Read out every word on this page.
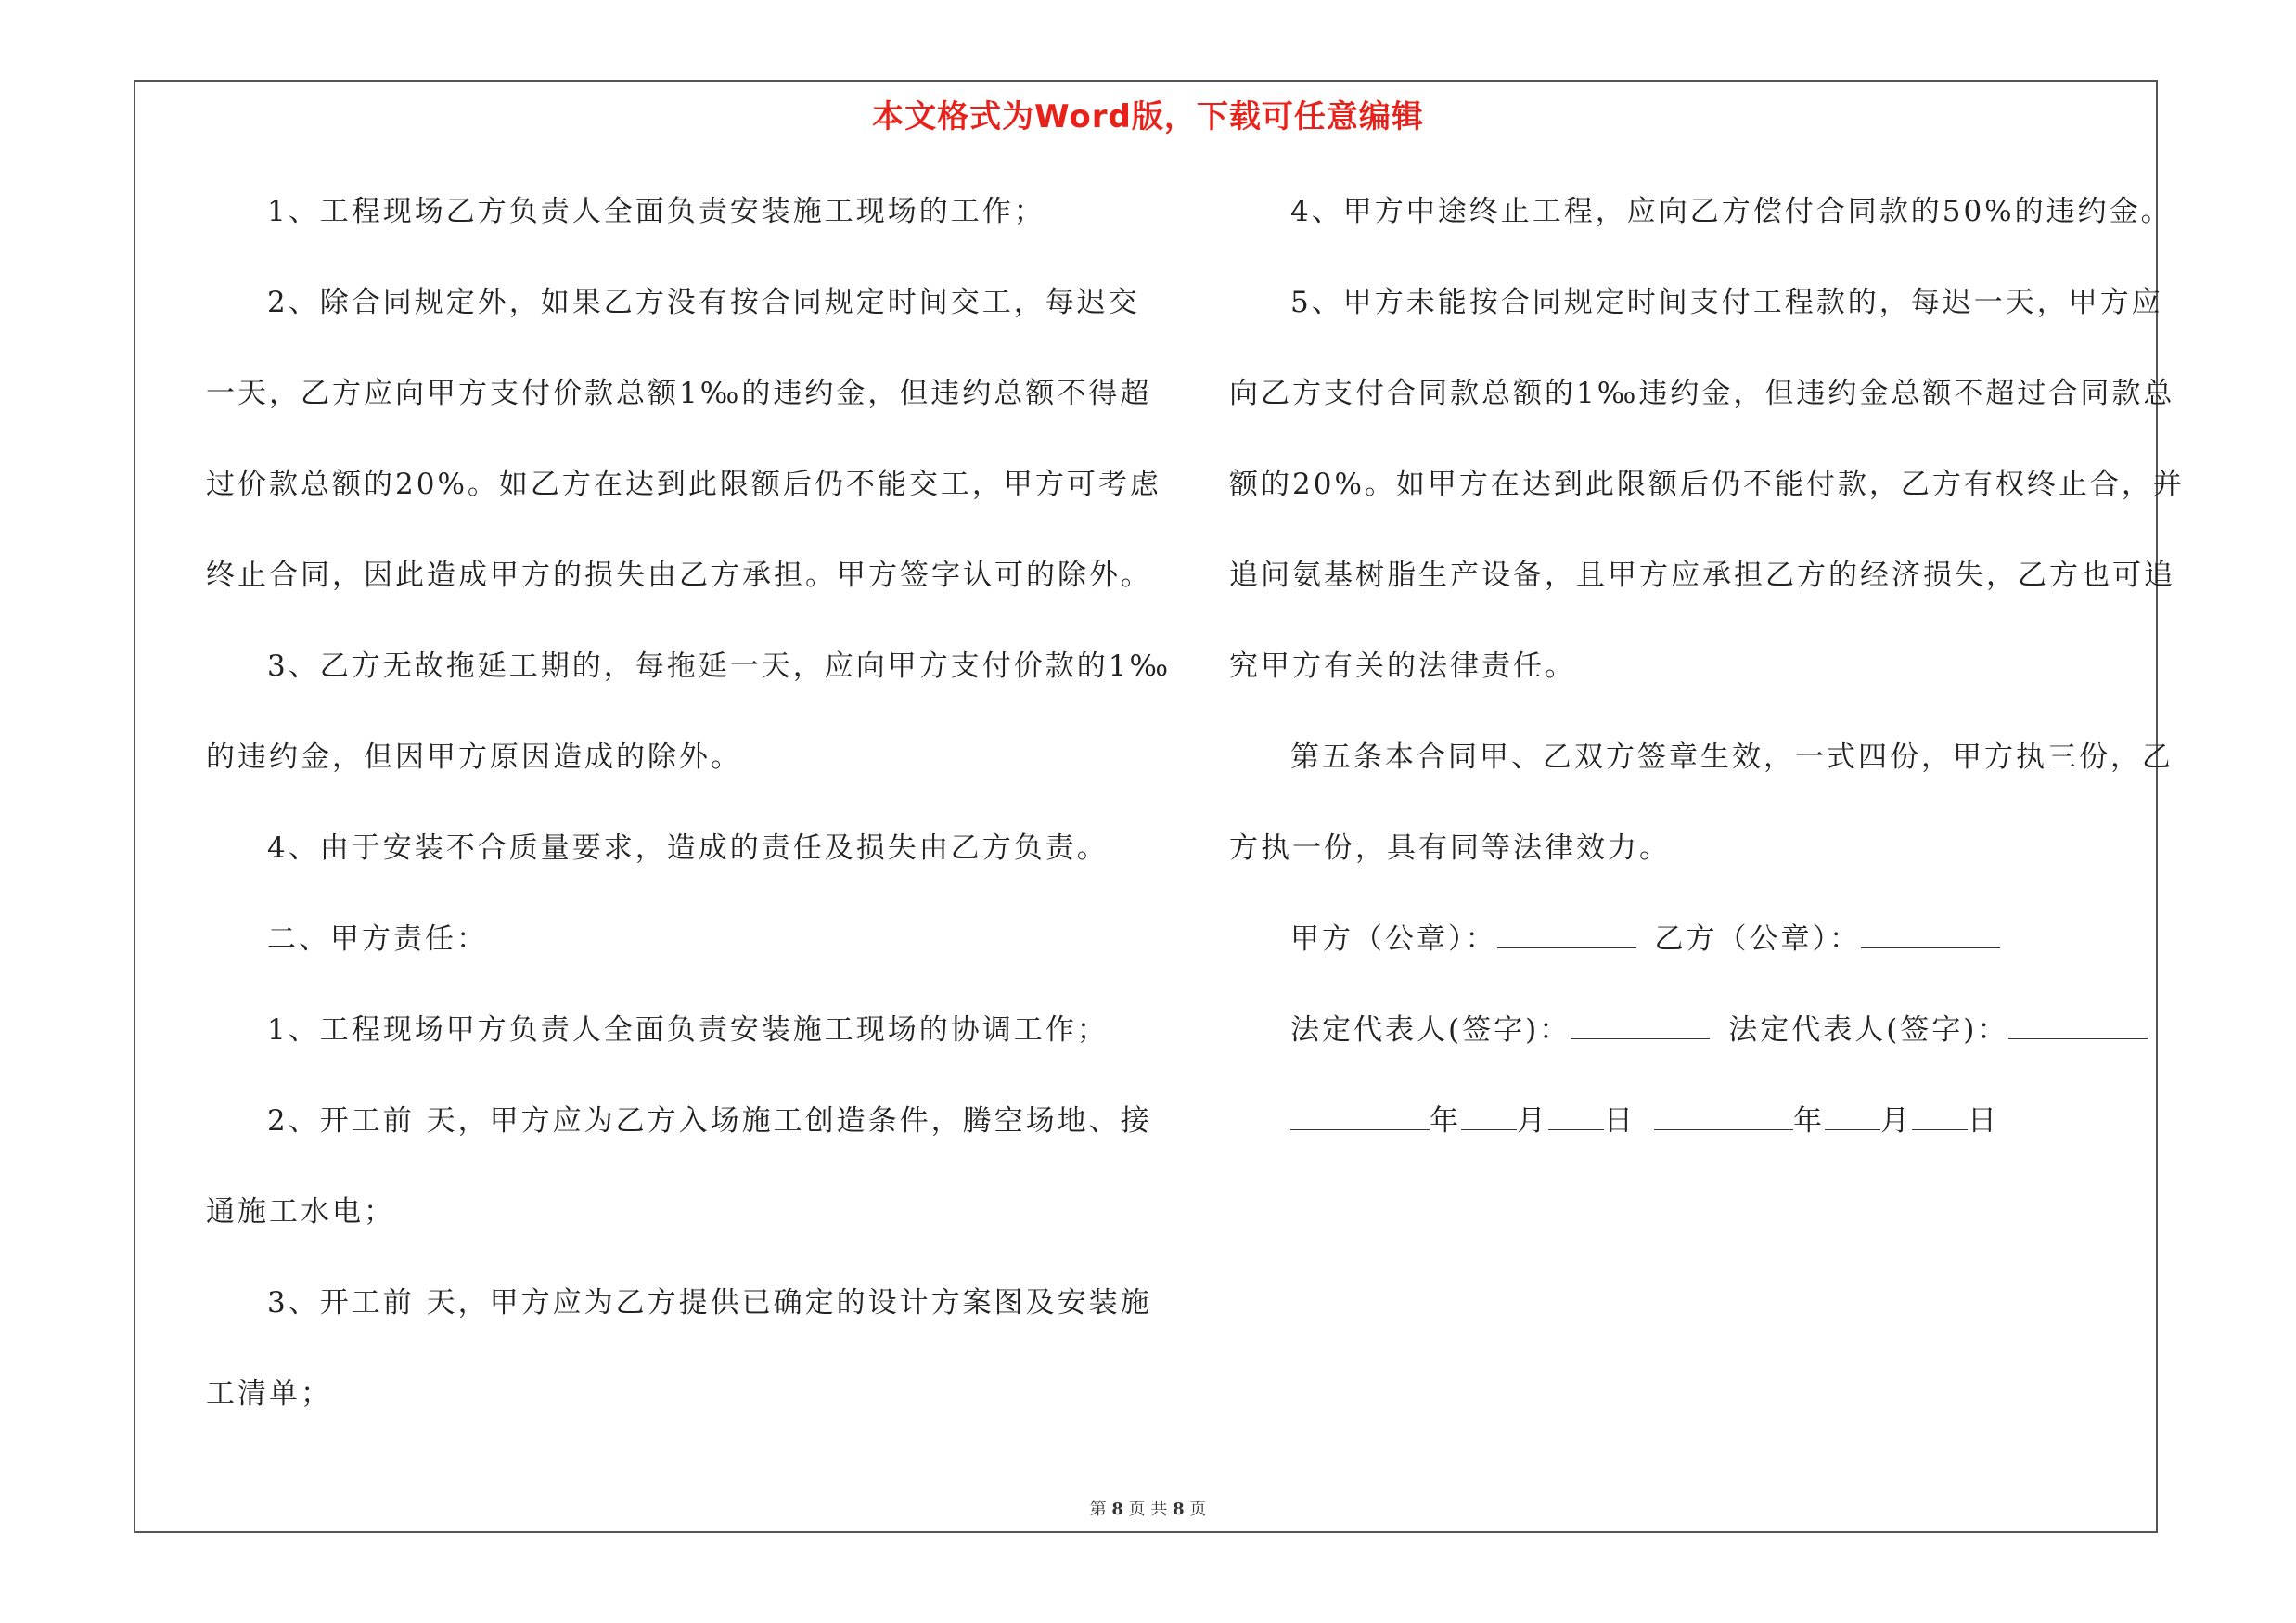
本文格式为Word版，下载可任意编辑
1、工程现场乙方负责人全面负责安装施工现场的工作；
2、除合同规定外，如果乙方没有按合同规定时间交工，每迟交
一天，乙方应向甲方支付价款总额1‰的违约金，但违约总额不得超
过价款总额的20%。如乙方在达到此限额后仍不能交工，甲方可考虑
终止合同，因此造成甲方的损失由乙方承担。甲方签字认可的除外。
3、乙方无故拖延工期的，每拖延一天，应向甲方支付价款的1‰
的违约金，但因甲方原因造成的除外。
4、由于安装不合质量要求，造成的责任及损失由乙方负责。
二、甲方责任：
1、工程现场甲方负责人全面负责安装施工现场的协调工作；
2、开工前 天，甲方应为乙方入场施工创造条件，腾空场地、接
通施工水电；
3、开工前 天，甲方应为乙方提供已确定的设计方案图及安装施
工清单；
4、甲方中途终止工程，应向乙方偿付合同款的50%的违约金。
5、甲方未能按合同规定时间支付工程款的，每迟一天，甲方应
向乙方支付合同款总额的1‰违约金，但违约金总额不超过合同款总
额的20%。如甲方在达到此限额后仍不能付款，乙方有权终止合，并
追问氨基树脂生产设备，且甲方应承担乙方的经济损失，乙方也可追
究甲方有关的法律责任。
第五条本合同甲、乙双方签章生效，一式四份，甲方执三份，乙
方执一份，具有同等法律效力。
甲方（公章）：	乙方（公章）：
法定代表人(签字)：	法定代表人(签字)：
年 月 日	年 月 日
第 8 页 共 8 页
